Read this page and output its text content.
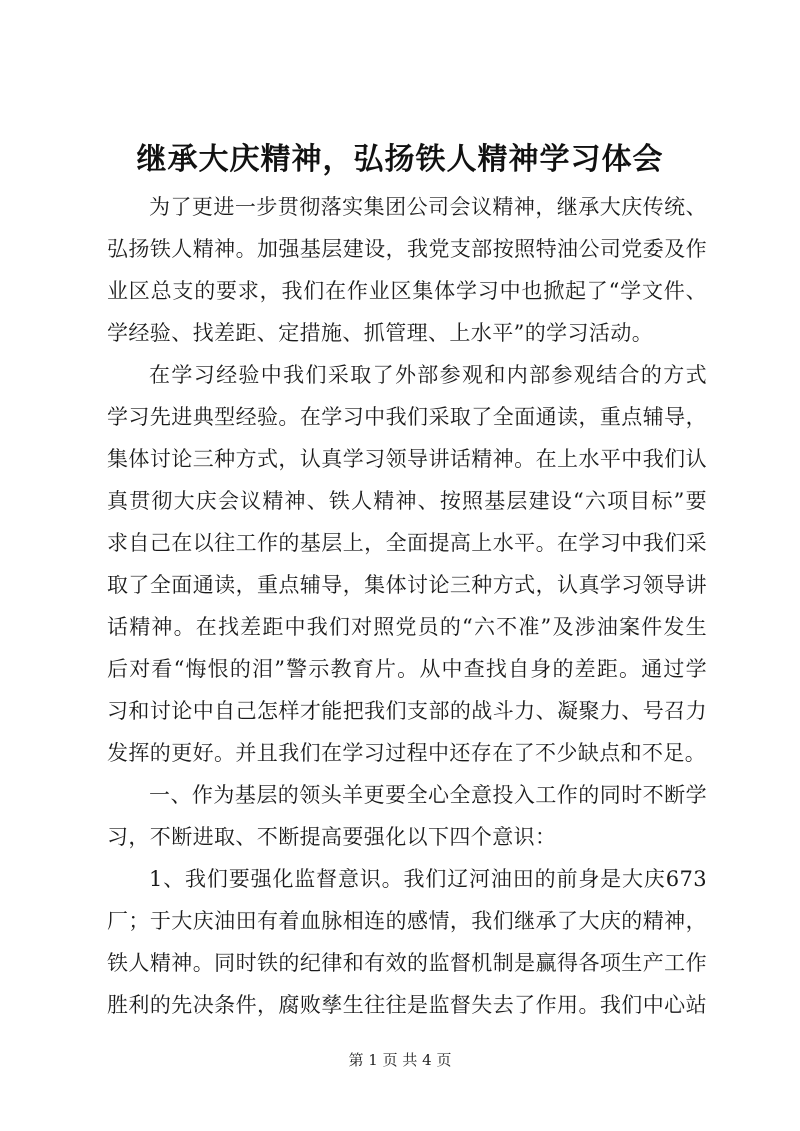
继承大庆精神，弘扬铁人精神学习体会
为了更进一步贯彻落实集团公司会议精神，继承大庆传统、
弘扬铁人精神。加强基层建设，我党支部按照特油公司党委及作
业区总支的要求，我们在作业区集体学习中也掀起了“学文件、
学经验、找差距、定措施、抓管理、上水平”的学习活动。
在学习经验中我们采取了外部参观和内部参观结合的方式
学习先进典型经验。在学习中我们采取了全面通读，重点辅导，
集体讨论三种方式，认真学习领导讲话精神。在上水平中我们认
真贯彻大庆会议精神、铁人精神、按照基层建设“六项目标”要
求自己在以往工作的基层上，全面提高上水平。在学习中我们采
取了全面通读，重点辅导，集体讨论三种方式，认真学习领导讲
话精神。在找差距中我们对照党员的“六不准”及涉油案件发生
后对看“悔恨的泪”警示教育片。从中查找自身的差距。通过学
习和讨论中自己怎样才能把我们支部的战斗力、凝聚力、号召力
发挥的更好。并且我们在学习过程中还存在了不少缺点和不足。
一、作为基层的领头羊更要全心全意投入工作的同时不断学
习，不断进取、不断提高要强化以下四个意识：
1、我们要强化监督意识。我们辽河油田的前身是大庆673
厂；于大庆油田有着血脉相连的感情，我们继承了大庆的精神，
铁人精神。同时铁的纪律和有效的监督机制是赢得各项生产工作
胜利的先决条件，腐败孳生往往是监督失去了作用。我们中心站
第 1 页 共 4 页
